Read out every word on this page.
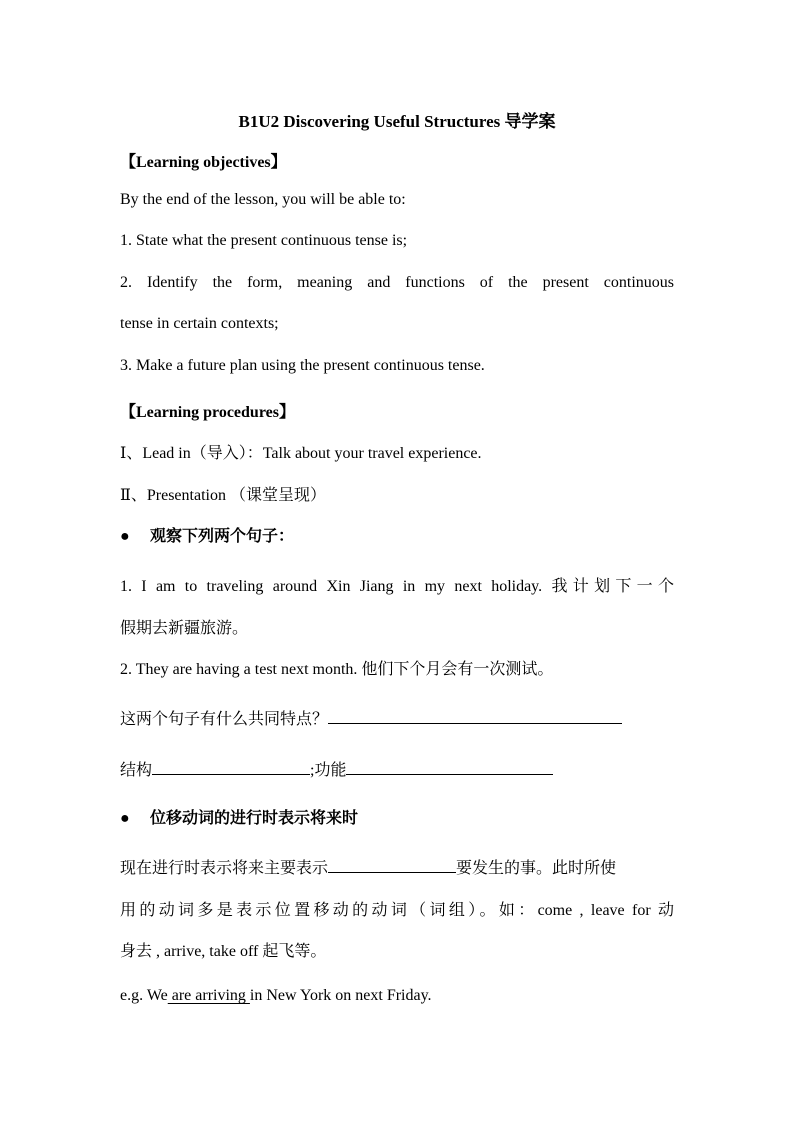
B1U2 Discovering Useful Structures 导学案
【Learning objectives】
By the end of the lesson, you will be able to:
1. State what the present continuous tense is;
2. Identify the form, meaning and functions of the present continuous
tense in certain contexts;
3. Make a future plan using the present continuous tense.
【Learning procedures】
Ⅰ、Lead in（导入）：Talk about your travel experience.
Ⅱ、Presentation （课堂呈现）
● 观察下列两个句子：
1. I am to traveling around Xin Jiang in my next holiday. 我计划下一个
假期去新疆旅游。
2. They are having a test next month. 他们下个月会有一次测试。
这两个句子有什么共同特点？
结构	;功能
● 位移动词的进行时表示将来时
现在进行时表示将来主要表示	要发生的事。此时所使
用的动词多是表示位置移动的动词（词组）。如：come , leave for 动
身去 , arrive, take off 起飞等。
e.g. We are arriving in New York on next Friday.
